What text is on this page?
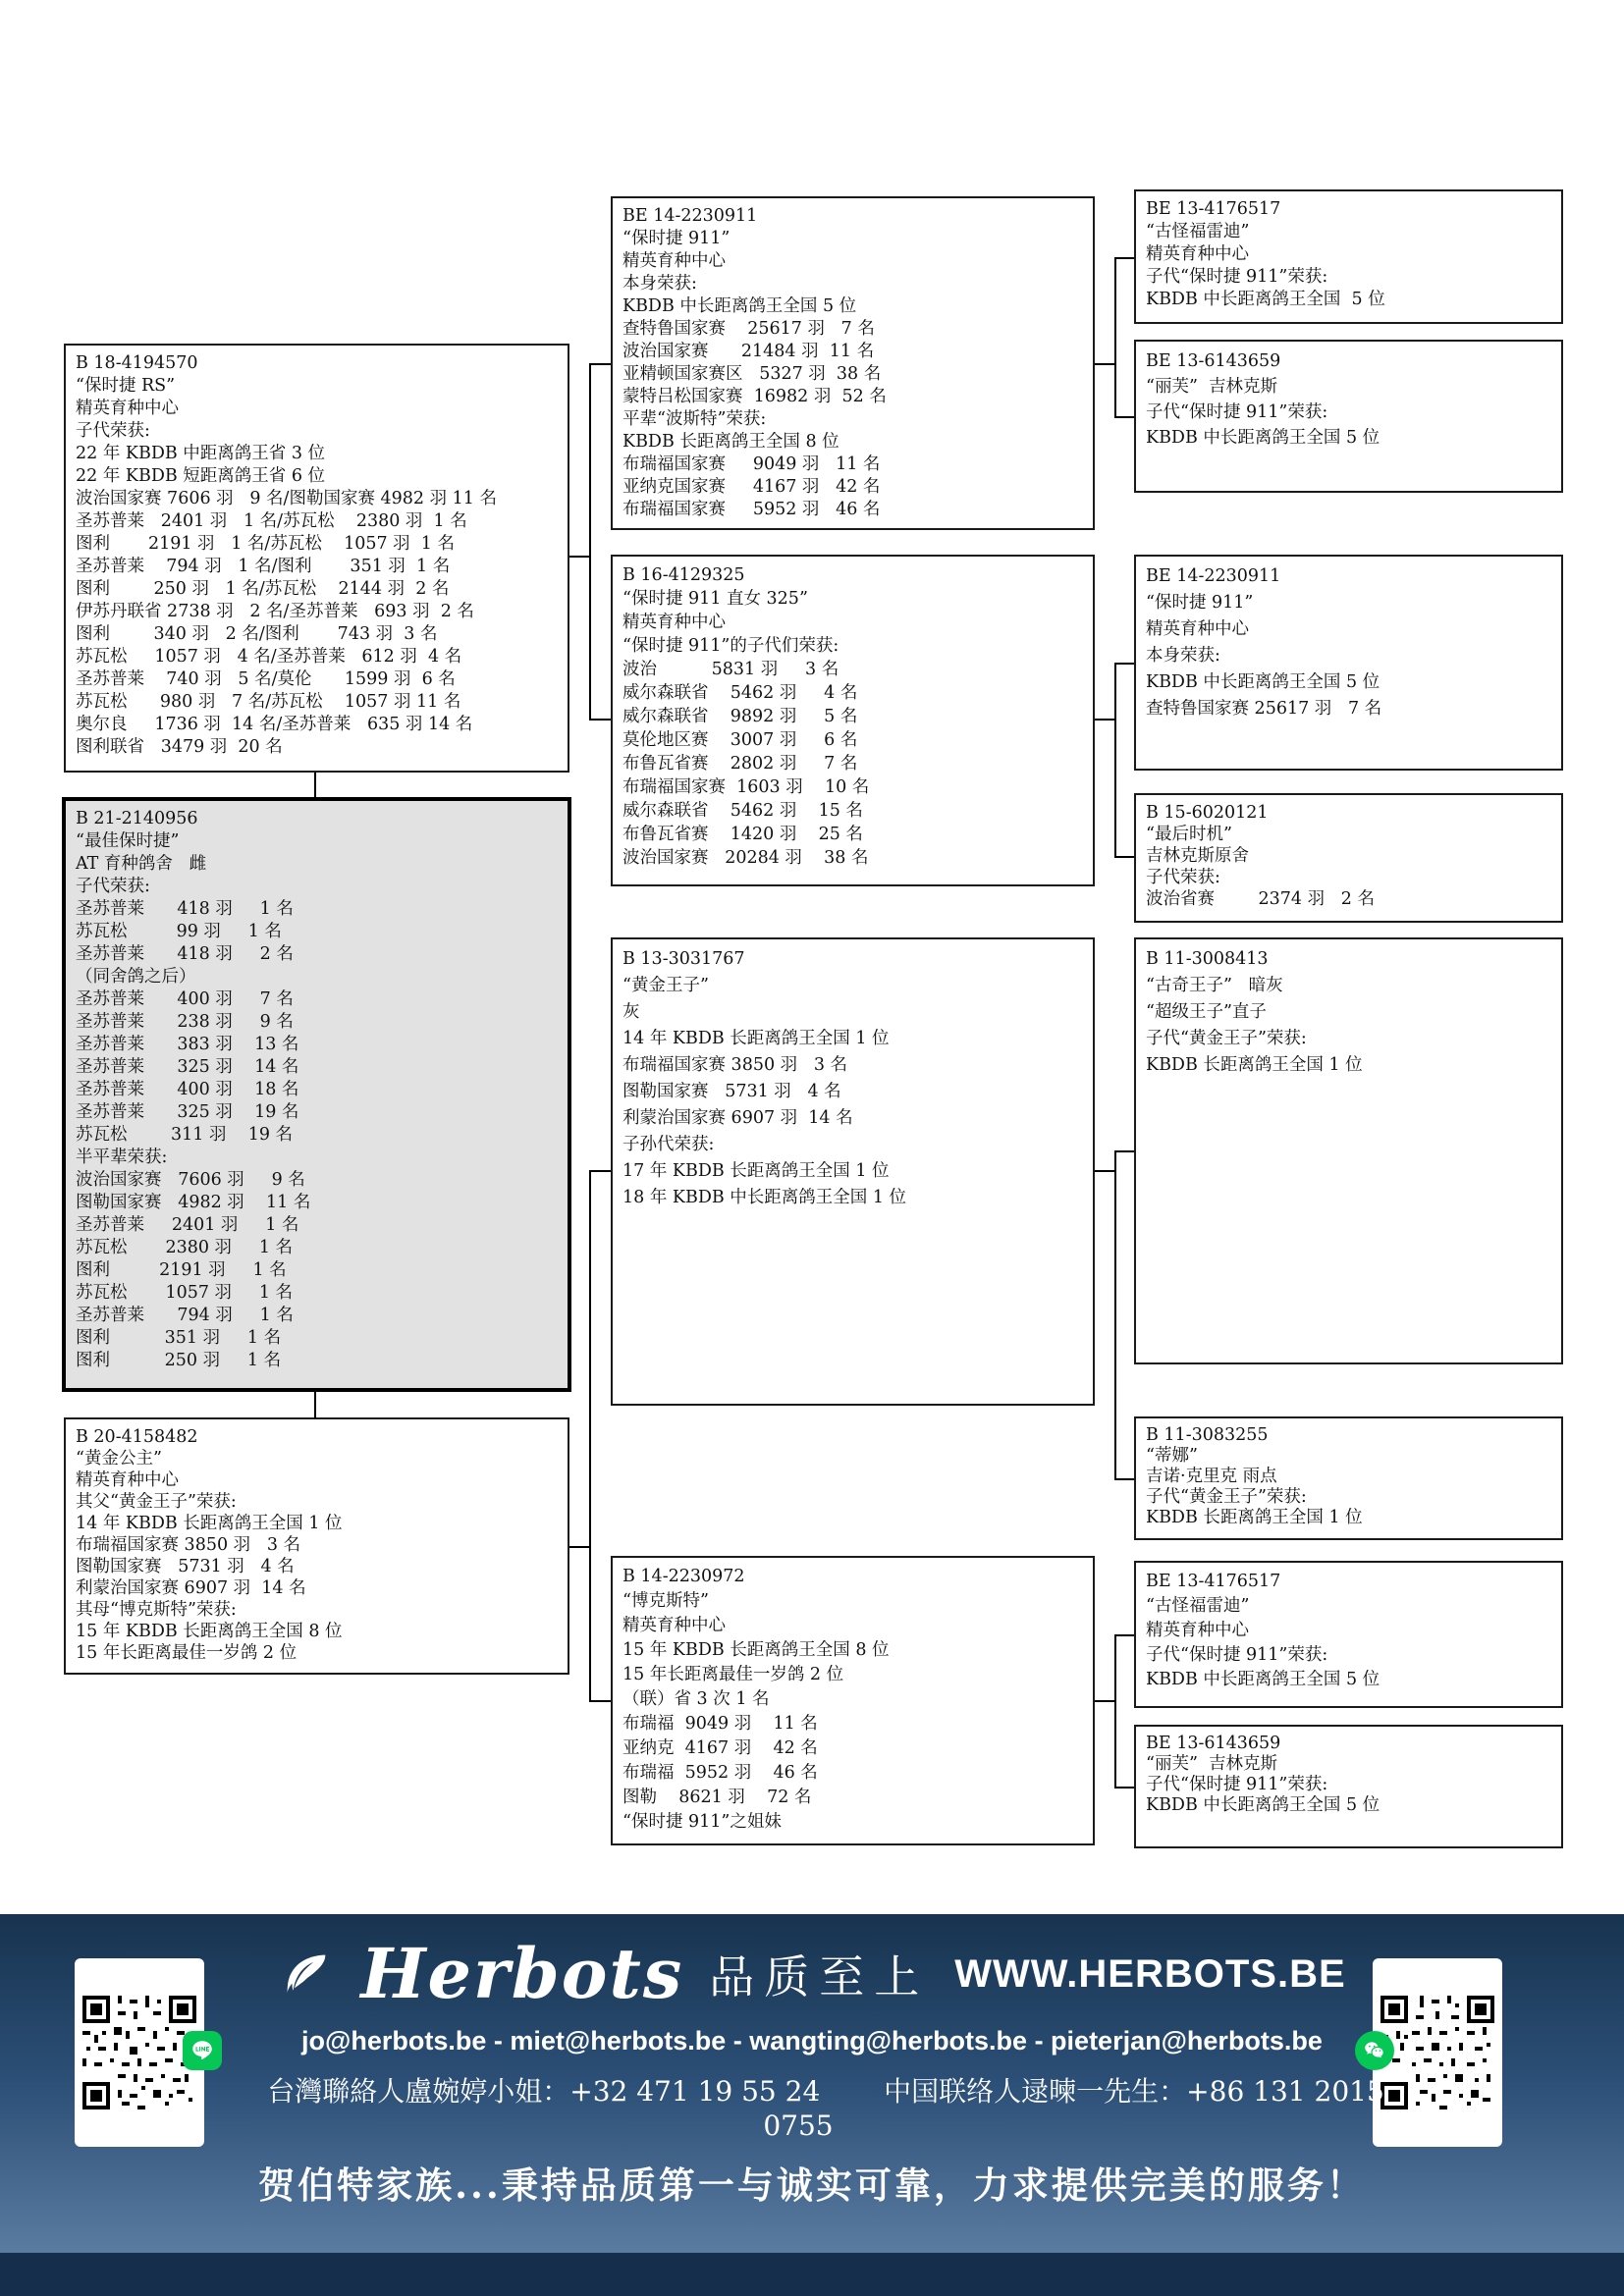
B 18-4194570
“保时捷 RS”
精英育种中心
子代荣获:
22 年 KBDB 中距离鸽王省 3 位
22 年 KBDB 短距离鸽王省 6 位
波治国家赛 7606 羽   9 名/图勒国家赛 4982 羽 11 名
圣苏普莱   2401 羽   1 名/苏瓦松    2380 羽  1 名
图利       2191 羽   1 名/苏瓦松    1057 羽  1 名
圣苏普莱    794 羽   1 名/图利       351 羽  1 名
图利        250 羽   1 名/苏瓦松    2144 羽  2 名
伊苏丹联省 2738 羽   2 名/圣苏普莱   693 羽  2 名
图利        340 羽   2 名/图利       743 羽  3 名
苏瓦松     1057 羽   4 名/圣苏普莱   612 羽  4 名
圣苏普莱    740 羽   5 名/莫伦      1599 羽  6 名
苏瓦松      980 羽   7 名/苏瓦松    1057 羽 11 名
奥尔良     1736 羽  14 名/圣苏普莱   635 羽 14 名
图利联省   3479 羽  20 名
B 21-2140956
“最佳保时捷”
AT 育种鸽舍   雌
子代荣获:
圣苏普莱      418 羽     1 名
苏瓦松         99 羽     1 名
圣苏普莱      418 羽     2 名
（同舍鸽之后）
圣苏普莱      400 羽     7 名
圣苏普莱      238 羽     9 名
圣苏普莱      383 羽    13 名
圣苏普莱      325 羽    14 名
圣苏普莱      400 羽    18 名
圣苏普莱      325 羽    19 名
苏瓦松        311 羽    19 名
半平辈荣获:
波治国家赛   7606 羽     9 名
图勒国家赛   4982 羽    11 名
圣苏普莱     2401 羽     1 名
苏瓦松       2380 羽     1 名
图利         2191 羽     1 名
苏瓦松       1057 羽     1 名
圣苏普莱      794 羽     1 名
图利          351 羽     1 名
图利          250 羽     1 名
B 20-4158482
“黄金公主”
精英育种中心
其父“黄金王子”荣获:
14 年 KBDB 长距离鸽王全国 1 位
布瑞福国家赛 3850 羽   3 名
图勒国家赛   5731 羽   4 名
利蒙治国家赛 6907 羽  14 名
其母“博克斯特”荣获:
15 年 KBDB 长距离鸽王全国 8 位
15 年长距离最佳一岁鸽 2 位
BE 14-2230911
“保时捷 911”
精英育种中心
本身荣获:
KBDB 中长距离鸽王全国 5 位
查特鲁国家赛    25617 羽   7 名
波治国家赛      21484 羽  11 名
亚精顿国家赛区   5327 羽  38 名
蒙特吕松国家赛  16982 羽  52 名
平辈“波斯特”荣获:
KBDB 长距离鸽王全国 8 位
布瑞福国家赛     9049 羽   11 名
亚纳克国家赛     4167 羽   42 名
布瑞福国家赛     5952 羽   46 名
B 16-4129325
“保时捷 911 直女 325”
精英育种中心
“保时捷 911”的子代们荣获:
波治          5831 羽     3 名
威尔森联省    5462 羽     4 名
威尔森联省    9892 羽     5 名
莫伦地区赛    3007 羽     6 名
布鲁瓦省赛    2802 羽     7 名
布瑞福国家赛  1603 羽    10 名
威尔森联省    5462 羽    15 名
布鲁瓦省赛    1420 羽    25 名
波治国家赛   20284 羽    38 名
B 13-3031767
“黄金王子”
灰
14 年 KBDB 长距离鸽王全国 1 位
布瑞福国家赛 3850 羽   3 名
图勒国家赛   5731 羽   4 名
利蒙治国家赛 6907 羽  14 名
子孙代荣获:
17 年 KBDB 长距离鸽王全国 1 位
18 年 KBDB 中长距离鸽王全国 1 位
B 14-2230972
“博克斯特”
精英育种中心
15 年 KBDB 长距离鸽王全国 8 位
15 年长距离最佳一岁鸽 2 位
（联）省 3 次 1 名
布瑞福  9049 羽    11 名
亚纳克  4167 羽    42 名
布瑞福  5952 羽    46 名
图勒    8621 羽    72 名
“保时捷 911”之姐妹
BE 13-4176517
“古怪福雷迪”
精英育种中心
子代“保时捷 911”荣获:
KBDB 中长距离鸽王全国  5 位
BE 13-6143659
“丽芙”  吉林克斯
子代“保时捷 911”荣获:
KBDB 中长距离鸽王全国 5 位
BE 14-2230911
“保时捷 911”
精英育种中心
本身荣获:
KBDB 中长距离鸽王全国 5 位
查特鲁国家赛 25617 羽   7 名
B 15-6020121
“最后时机”
吉林克斯原舍
子代荣获:
波治省赛        2374 羽   2 名
B 11-3008413
“古奇王子”   暗灰
“超级王子”直子
子代“黄金王子”荣获:
KBDB 长距离鸽王全国 1 位
B 11-3083255
“蒂娜”
吉诺·克里克 雨点
子代“黄金王子”荣获:
KBDB 长距离鸽王全国 1 位
BE 13-4176517
“古怪福雷迪”
精英育种中心
子代“保时捷 911”荣获:
KBDB 中长距离鸽王全国 5 位
BE 13-6143659
“丽芙”  吉林克斯
子代“保时捷 911”荣获:
KBDB 中长距离鸽王全国 5 位
Herbots 品质至上 WWW.HERBOTS.BE
jo@herbots.be - miet@herbots.be - wangting@herbots.be - pieterjan@herbots.be
台灣聯絡人盧婉婷小姐：+32 471 19 55 24 中国联络人逯暕一先生：+86 131 2015 0755
贺伯特家族...秉持品质第一与诚实可靠，力求提供完美的服务！
